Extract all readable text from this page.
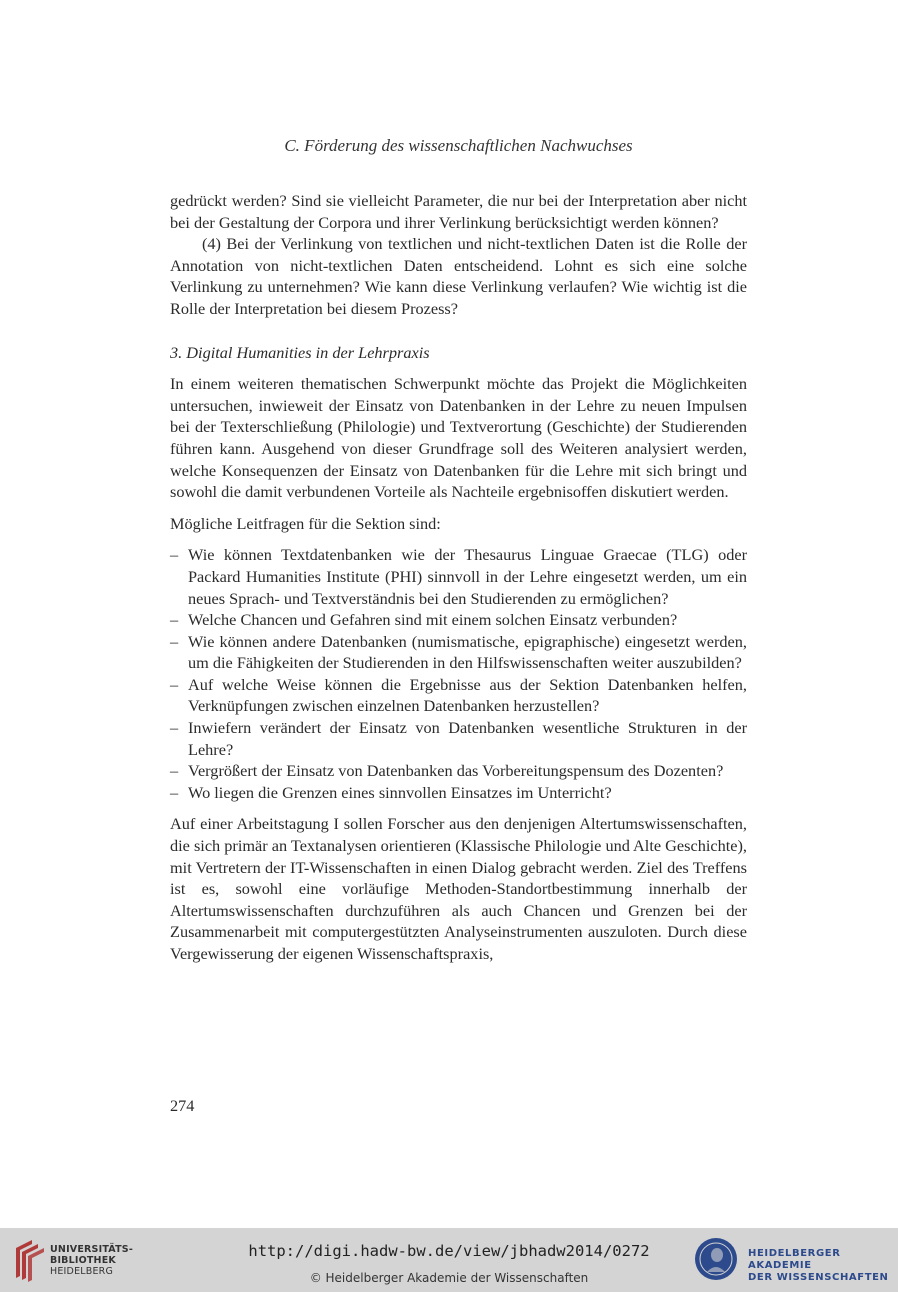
C. Förderung des wissenschaftlichen Nachwuchses

gedrückt werden? Sind sie vielleicht Parameter, die nur bei der Interpretation aber nicht bei der Gestaltung der Corpora und ihrer Verlinkung berücksichtigt werden können?

(4) Bei der Verlinkung von textlichen und nicht-textlichen Daten ist die Rolle der Annotation von nicht-textlichen Daten entscheidend. Lohnt es sich eine solche Verlinkung zu unternehmen? Wie kann diese Verlinkung verlaufen? Wie wichtig ist die Rolle der Interpretation bei diesem Prozess?

3. Digital Humanities in der Lehrpraxis

In einem weiteren thematischen Schwerpunkt möchte das Projekt die Möglichkeiten untersuchen, inwieweit der Einsatz von Datenbanken in der Lehre zu neuen Impulsen bei der Texterschließung (Philologie) und Textverortung (Geschichte) der Studierenden führen kann. Ausgehend von dieser Grundfrage soll des Weiteren analysiert werden, welche Konsequenzen der Einsatz von Datenbanken für die Lehre mit sich bringt und sowohl die damit verbundenen Vorteile als Nachteile ergebnisoffen diskutiert werden.

Mögliche Leitfragen für die Sektion sind:

– Wie können Textdatenbanken wie der Thesaurus Linguae Graecae (TLG) oder Packard Humanities Institute (PHI) sinnvoll in der Lehre eingesetzt werden, um ein neues Sprach- und Textverständnis bei den Studierenden zu ermöglichen?
– Welche Chancen und Gefahren sind mit einem solchen Einsatz verbunden?
– Wie können andere Datenbanken (numismatische, epigraphische) eingesetzt werden, um die Fähigkeiten der Studierenden in den Hilfswissenschaften weiter auszubilden?
– Auf welche Weise können die Ergebnisse aus der Sektion Datenbanken helfen, Verknüpfungen zwischen einzelnen Datenbanken herzustellen?
– Inwiefern verändert der Einsatz von Datenbanken wesentliche Strukturen in der Lehre?
– Vergrößert der Einsatz von Datenbanken das Vorbereitungspensum des Dozenten?
– Wo liegen die Grenzen eines sinnvollen Einsatzes im Unterricht?

Auf einer Arbeitstagung I sollen Forscher aus den denjenigen Altertumswissenschaften, die sich primär an Textanalysen orientieren (Klassische Philologie und Alte Geschichte), mit Vertretern der IT-Wissenschaften in einen Dialog gebracht werden. Ziel des Treffens ist es, sowohl eine vorläufige Methoden-Standortbestimmung innerhalb der Altertumswissenschaften durchzuführen als auch Chancen und Grenzen bei der Zusammenarbeit mit computergestützten Analyseinstrumenten auszuloten. Durch diese Vergewisserung der eigenen Wissenschaftspraxis,

274
UNIVERSITÄTS-
BIBLIOTHEK
HEIDELBERG
http://digi.hadw-bw.de/view/jbhadw2014/0272
© Heidelberger Akademie der Wissenschaften
HEIDELBERGER AKADEMIE
DER WISSENSCHAFTEN
